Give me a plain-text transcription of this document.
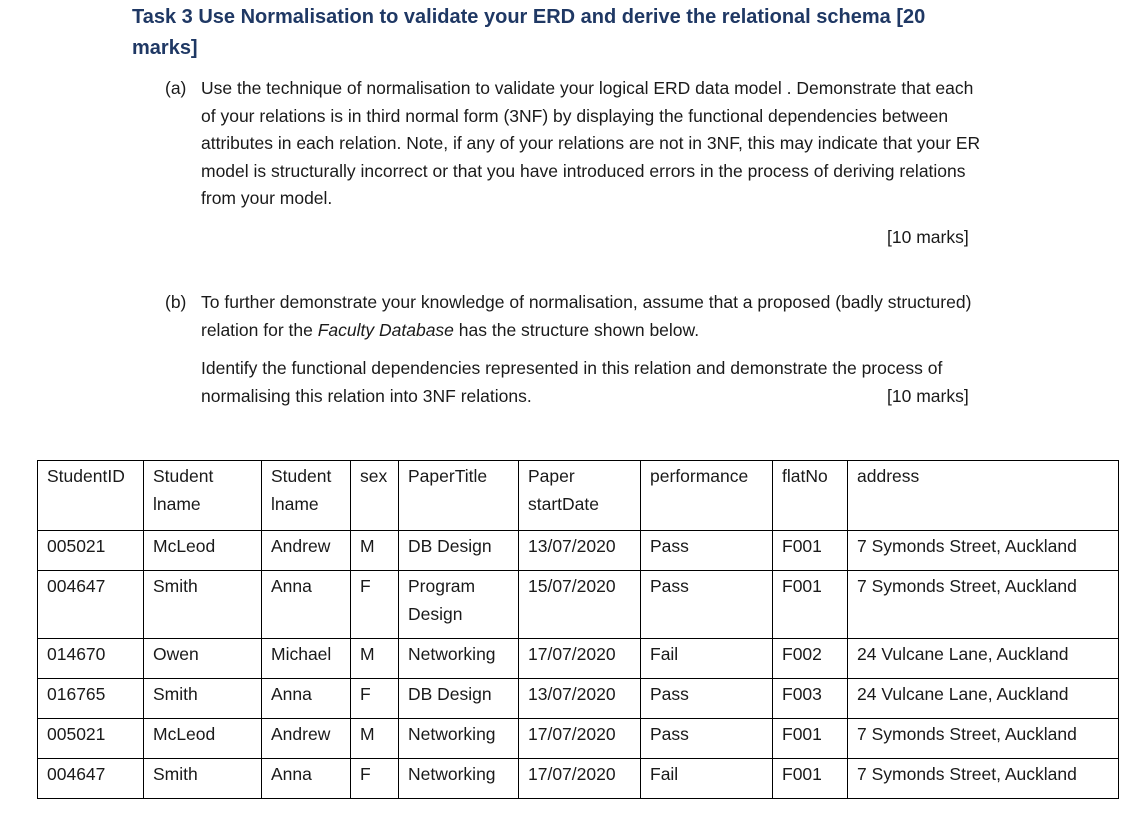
Task 3 Use Normalisation to validate your ERD and derive the relational schema [20 marks]
(a) Use the technique of normalisation to validate your logical ERD data model . Demonstrate that each of your relations is in third normal form (3NF) by displaying the functional dependencies between attributes in each relation. Note, if any of your relations are not in 3NF, this may indicate that your ER model is structurally incorrect or that you have introduced errors in the process of deriving relations from your model.
[10 marks]
(b) To further demonstrate your knowledge of normalisation, assume that a proposed (badly structured) relation for the Faculty Database has the structure shown below.
Identify the functional dependencies represented in this relation and demonstrate the process of normalising this relation into 3NF relations.	[10 marks]
StudentID	Student lname	Student lname	sex	PaperTitle	Paper startDate	performance	flatNo	address
005021	McLeod	Andrew	M	DB Design	13/07/2020	Pass	F001	7 Symonds Street, Auckland
004647	Smith	Anna	F	Program Design	15/07/2020	Pass	F001	7 Symonds Street, Auckland
014670	Owen	Michael	M	Networking	17/07/2020	Fail	F002	24 Vulcane Lane, Auckland
016765	Smith	Anna	F	DB Design	13/07/2020	Pass	F003	24 Vulcane Lane, Auckland
005021	McLeod	Andrew	M	Networking	17/07/2020	Pass	F001	7 Symonds Street, Auckland
004647	Smith	Anna	F	Networking	17/07/2020	Fail	F001	7 Symonds Street, Auckland
